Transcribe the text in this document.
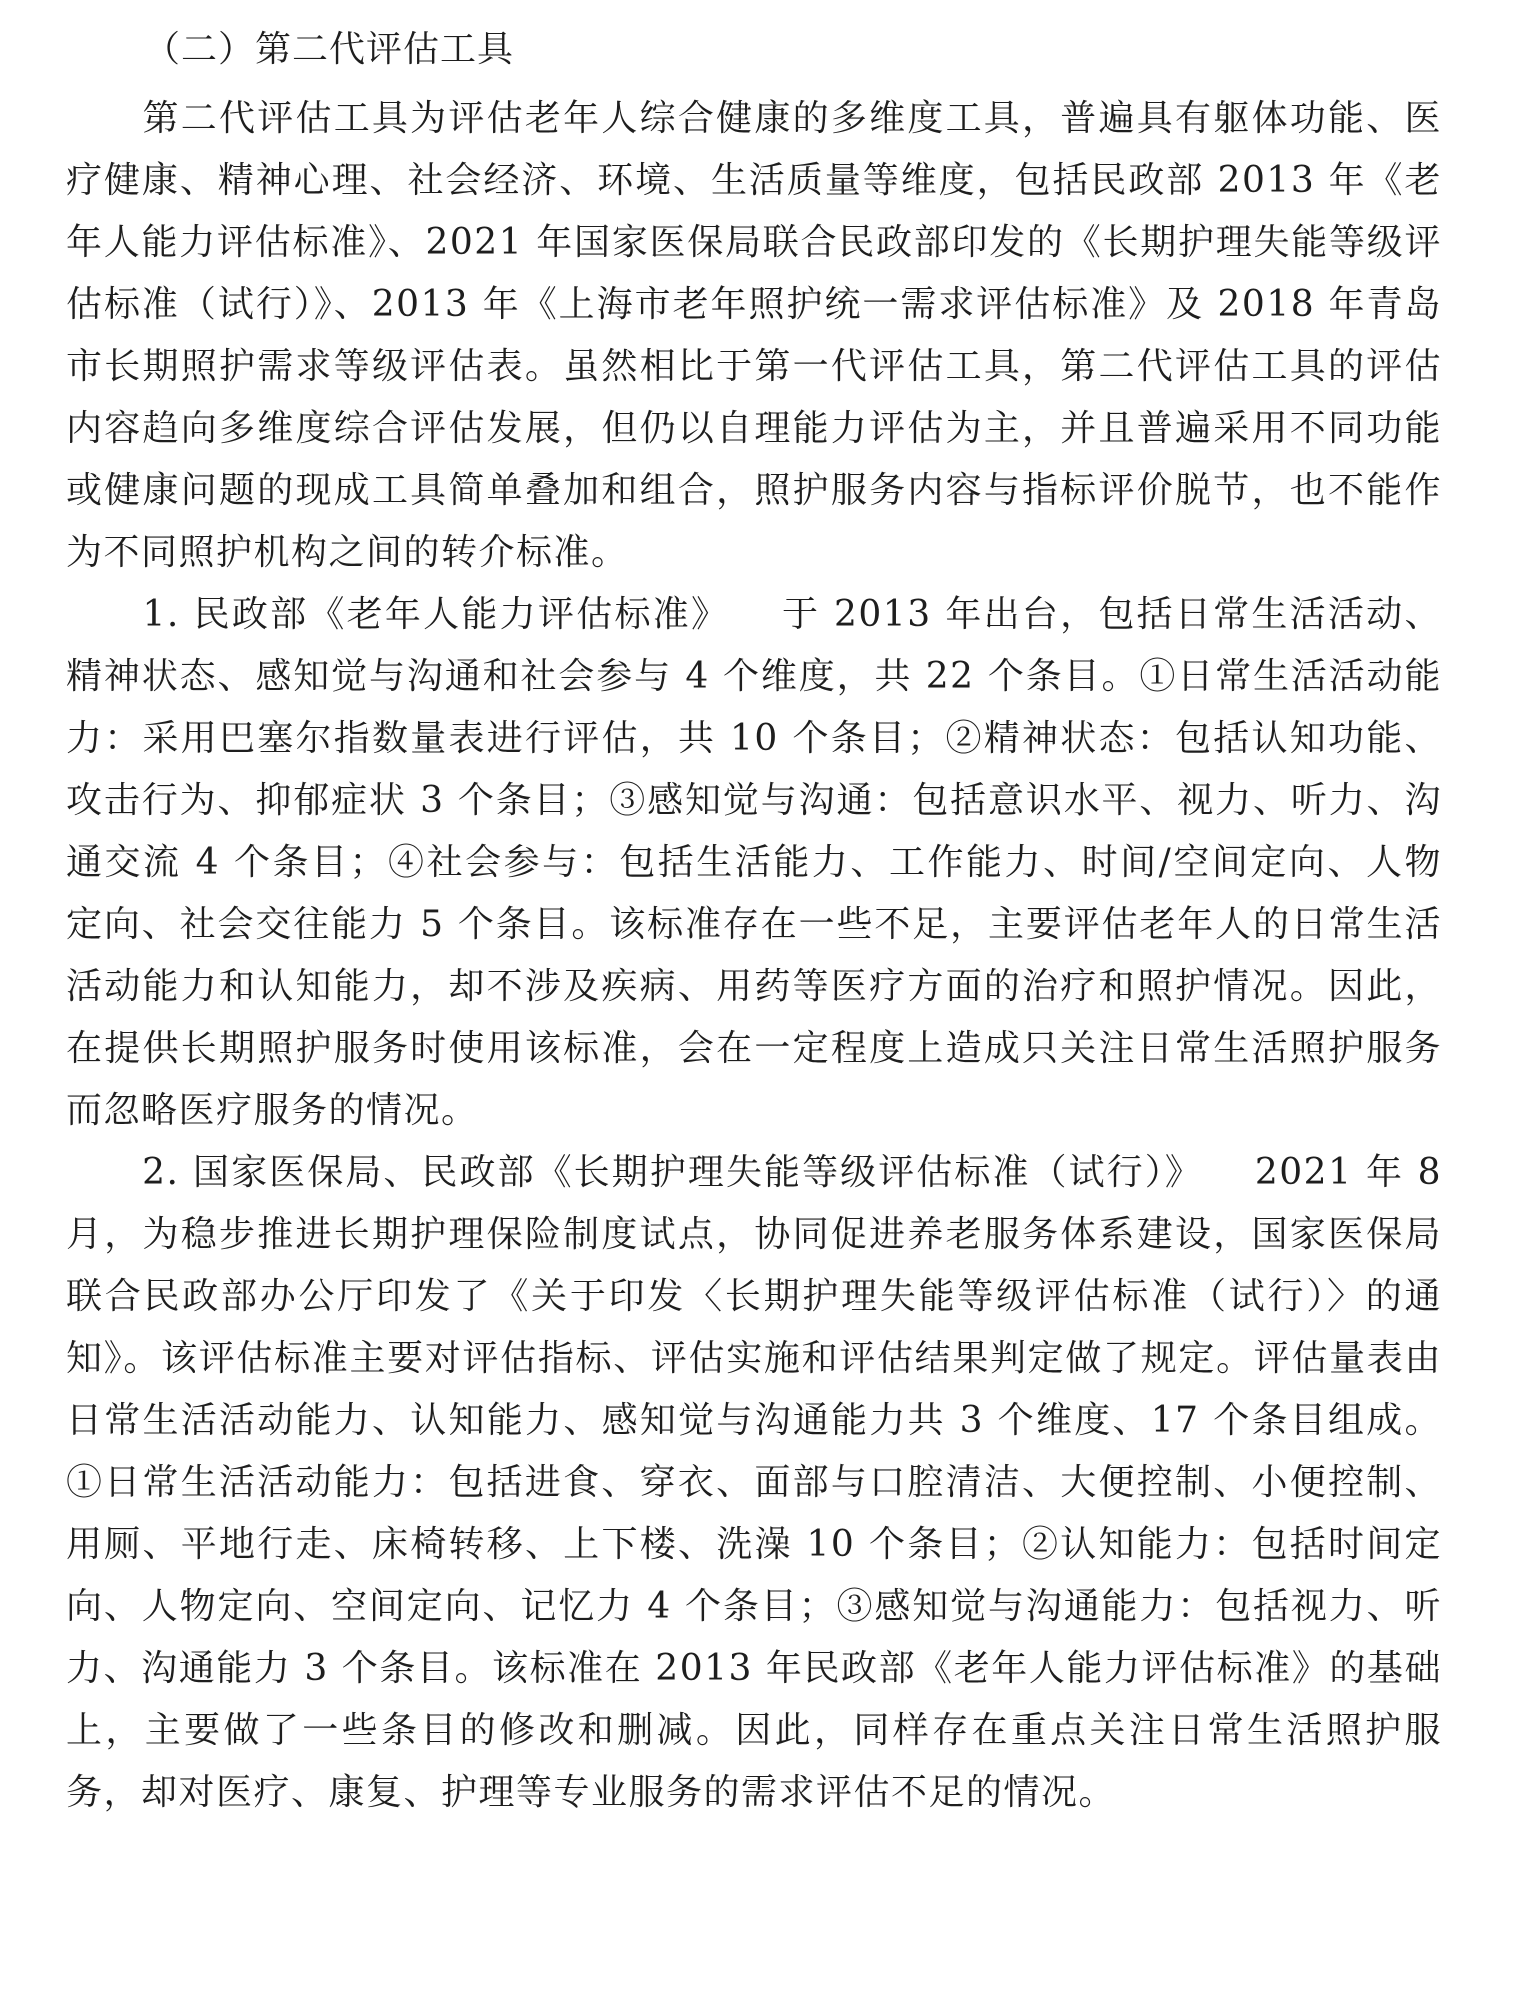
（二）第二代评估工具

　　第二代评估工具为评估老年人综合健康的多维度工具，普遍具有躯体功能、医疗健康、精神心理、社会经济、环境、生活质量等维度，包括民政部 2013 年《老年人能力评估标准》、2021 年国家医保局联合民政部印发的《长期护理失能等级评估标准（试行）》、2013 年《上海市老年照护统一需求评估标准》及 2018 年青岛市长期照护需求等级评估表。虽然相比于第一代评估工具，第二代评估工具的评估内容趋向多维度综合评估发展，但仍以自理能力评估为主，并且普遍采用不同功能或健康问题的现成工具简单叠加和组合，照护服务内容与指标评价脱节，也不能作为不同照护机构之间的转介标准。

　　1. 民政部《老年人能力评估标准》 于 2013 年出台，包括日常生活活动、精神状态、感知觉与沟通和社会参与 4 个维度，共 22 个条目。①日常生活活动能力：采用巴塞尔指数量表进行评估，共 10 个条目；②精神状态：包括认知功能、攻击行为、抑郁症状 3 个条目；③感知觉与沟通：包括意识水平、视力、听力、沟通交流 4 个条目；④社会参与：包括生活能力、工作能力、时间/空间定向、人物定向、社会交往能力 5 个条目。该标准存在一些不足，主要评估老年人的日常生活活动能力和认知能力，却不涉及疾病、用药等医疗方面的治疗和照护情况。因此，在提供长期照护服务时使用该标准，会在一定程度上造成只关注日常生活照护服务而忽略医疗服务的情况。

　　2. 国家医保局、民政部《长期护理失能等级评估标准（试行）》 2021 年 8 月，为稳步推进长期护理保险制度试点，协同促进养老服务体系建设，国家医保局联合民政部办公厅印发了《关于印发〈长期护理失能等级评估标准（试行）〉的通知》。该评估标准主要对评估指标、评估实施和评估结果判定做了规定。评估量表由日常生活活动能力、认知能力、感知觉与沟通能力共 3 个维度、17 个条目组成。①日常生活活动能力：包括进食、穿衣、面部与口腔清洁、大便控制、小便控制、用厕、平地行走、床椅转移、上下楼、洗澡 10 个条目；②认知能力：包括时间定向、人物定向、空间定向、记忆力 4 个条目；③感知觉与沟通能力：包括视力、听力、沟通能力 3 个条目。该标准在 2013 年民政部《老年人能力评估标准》的基础上，主要做了一些条目的修改和删减。因此，同样存在重点关注日常生活照护服务，却对医疗、康复、护理等专业服务的需求评估不足的情况。
